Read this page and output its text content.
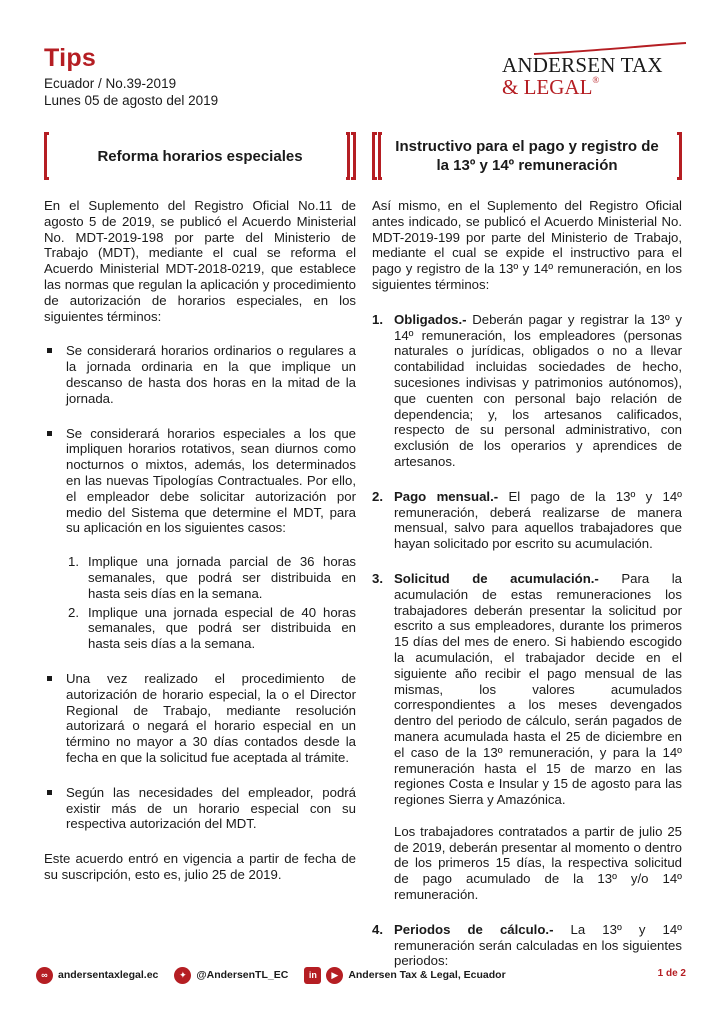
Tips
Ecuador / No.39-2019
Lunes 05 de agosto del 2019
ANDERSEN TAX
& LEGAL®
Reforma horarios especiales

En el Suplemento del Registro Oficial No.11 de agosto 5 de 2019, se publicó el Acuerdo Ministerial No. MDT-2019-198 por parte del Ministerio de Trabajo (MDT), mediante el cual se reforma el Acuerdo Ministerial MDT-2018-0219, que establece las normas que regulan la aplicación y procedimiento de autorización de horarios especiales, en los siguientes términos:

Se considerará horarios ordinarios o regulares a la jornada ordinaria en la que implique un descanso de hasta dos horas en la mitad de la jornada.
Se considerará horarios especiales a los que impliquen horarios rotativos, sean diurnos como nocturnos o mixtos, además, los determinados en las nuevas Tipologías Contractuales. Por ello, el empleador debe solicitar autorización por medio del Sistema que determine el MDT, para su aplicación en los siguientes casos:
1. Implique una jornada parcial de 36 horas semanales, que podrá ser distribuida en hasta seis días en la semana.
2. Implique una jornada especial de 40 horas semanales, que podrá ser distribuida en hasta seis días a la semana.
Una vez realizado el procedimiento de autorización de horario especial, la o el Director Regional de Trabajo, mediante resolución autorizará o negará el horario especial en un término no mayor a 30 días contados desde la fecha en que la solicitud fue aceptada al trámite.
Según las necesidades del empleador, podrá existir más de un horario especial con su respectiva autorización del MDT.

Este acuerdo entró en vigencia a partir de fecha de su suscripción, esto es, julio 25 de 2019.

Instructivo para el pago y registro de la 13º y 14º remuneración

Así mismo, en el Suplemento del Registro Oficial antes indicado, se publicó el Acuerdo Ministerial No. MDT-2019-199 por parte del Ministerio de Trabajo, mediante el cual se expide el instructivo para el pago y registro de la 13º y 14º remuneración, en los siguientes términos:

1. Obligados.- Deberán pagar y registrar la 13º y 14º remuneración, los empleadores (personas naturales o jurídicas, obligados o no a llevar contabilidad incluidas sociedades de hecho, sucesiones indivisas y patrimonios autónomos), que cuenten con personal bajo relación de dependencia; y, los artesanos calificados, respecto de su personal administrativo, con exclusión de los operarios y aprendices de artesanos.
2. Pago mensual.- El pago de la 13º y 14º remuneración, deberá realizarse de manera mensual, salvo para aquellos trabajadores que hayan solicitado por escrito su acumulación.
3. Solicitud de acumulación.- Para la acumulación de estas remuneraciones los trabajadores deberán presentar la solicitud por escrito a sus empleadores, durante los primeros 15 días del mes de enero. Si habiendo escogido la acumulación, el trabajador decide en el siguiente año recibir el pago mensual de las mismas, los valores acumulados correspondientes a los meses devengados dentro del periodo de cálculo, serán pagados de manera acumulada hasta el 25 de diciembre en el caso de la 13º remuneración, y para la 14º remuneración hasta el 15 de marzo en las regiones Costa e Insular y 15 de agosto para las regiones Sierra y Amazónica.

Los trabajadores contratados a partir de julio 25 de 2019, deberán presentar al momento o dentro de los primeros 15 días, la respectiva solicitud de pago acumulado de la 13º y/o 14º remuneración.

4. Periodos de cálculo.- La 13º y 14º remuneración serán calculadas en los siguientes periodos:
∞ andersentaxlegal.ec	✦ @AndersenTL_EC	in	▶ Andersen Tax & Legal, Ecuador	1 de 2
